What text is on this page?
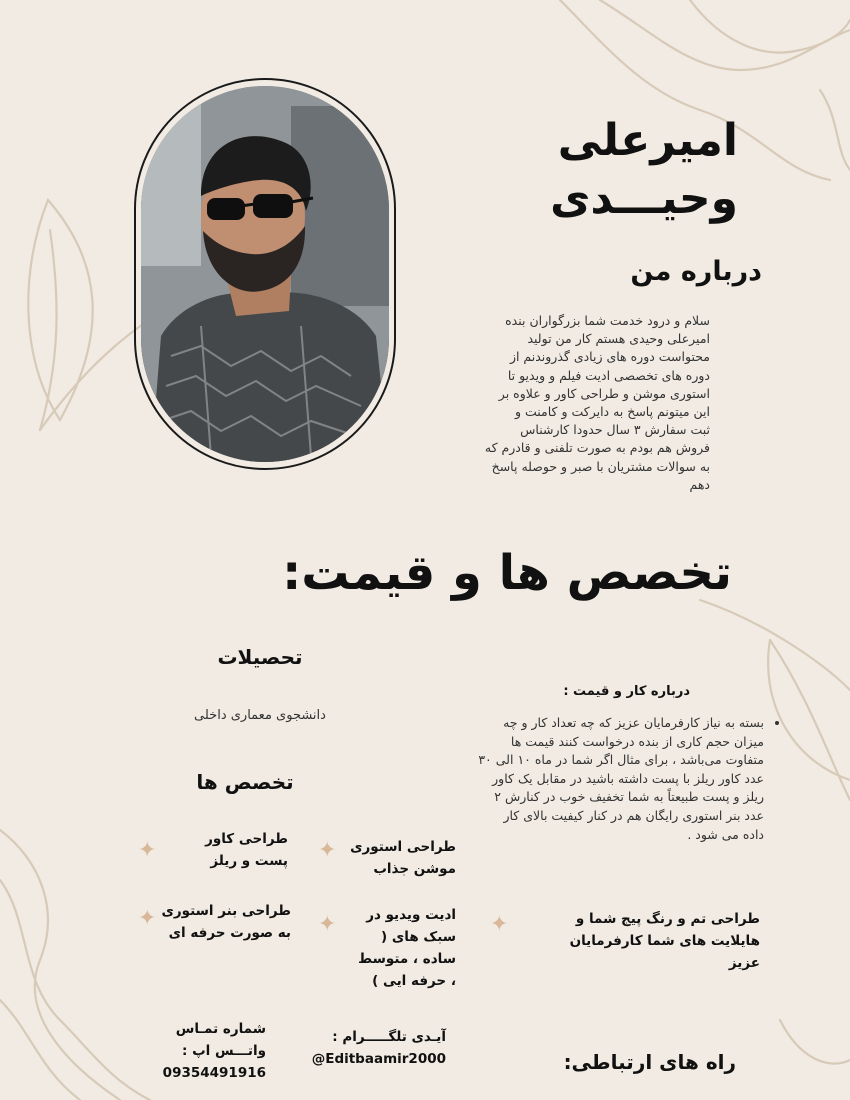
امیرعلی
وحیـــدی
درباره من
سلام و درود خدمت شما بزرگواران بنده
امیرعلی وحیدی هستم کار من تولید
محتواست دوره های زیادی گذروندنم از
دوره های تخصصی ادیت فیلم و ویدیو تا
استوری موشن و طراحی کاور و علاوه بر
این میتونم پاسخ به دایرکت و کامنت و
ثبت سفارش ۳ سال حدودا کارشناس
فروش هم بودم به صورت تلفنی و قادرم که
به سوالات مشتریان با صبر و حوصله پاسخ
دهم
تخصص ها و قیمت:
تحصیلات
دانشجوی معماری داخلی
تخصص ها
درباره کار و قیمت :
• بسته به نیاز کارفرمایان عزیز که چه تعداد کار و چه
میزان حجم کاری از بنده درخواست کنند قیمت ها
متفاوت می‌باشد ، برای مثال اگر شما در ماه ۱۰ الی ۳۰
عدد کاور ریلز با پست داشته باشید در مقابل یک کاور
ریلز و پست طبیعتاً به شما تخفیف خوب در کنارش ۲
عدد بنر استوری رایگان هم در کنار کیفیت بالای کار
داده می شود .
طراحی کاور
پست و ریلز
طراحی استوری
موشن جذاب
طراحی بنر استوری
به صورت حرفه ای
ادیت ویدیو در
سبک های (
ساده ، متوسط
، حرفه ایی )
طراحی تم و رنگ پیج شما و
هایلایت های شما کارفرمایان
عزیز
✦	✦
✦	✦	✦
شماره تمـاس
واتـــس اپ :
09354491916
آیـدی تلگـــــرام :
@Editbaamir2000	راه های ارتباطی:
